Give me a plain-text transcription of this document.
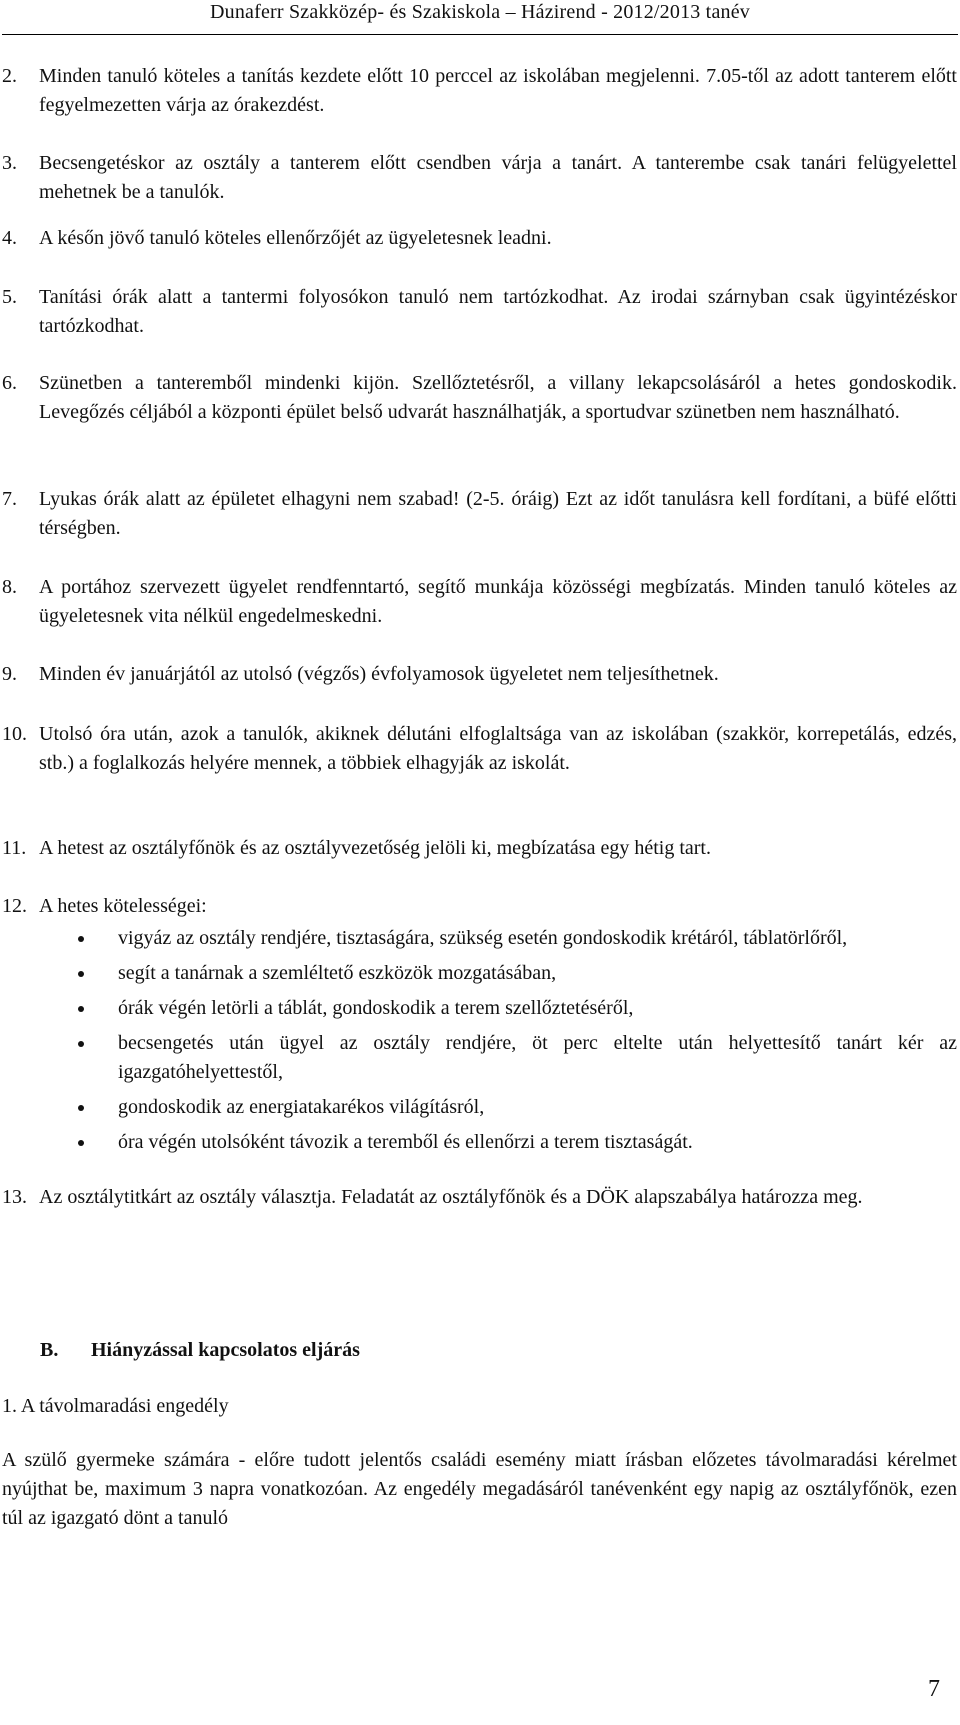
Dunaferr Szakközép- és Szakiskola – Házirend - 2012/2013 tanév
2.	Minden tanuló köteles a tanítás kezdete előtt 10 perccel az iskolában megjelenni. 7.05-től az adott tanterem előtt fegyelmezetten várja az órakezdést.
3.	Becsengetéskor az osztály a tanterem előtt csendben várja a tanárt. A tanterembe csak tanári felügyelettel mehetnek be a tanulók.
4.	A későn jövő tanuló köteles ellenőrzőjét az ügyeletesnek leadni.
5.	Tanítási órák alatt a tantermi folyosókon tanuló nem tartózkodhat. Az irodai szárnyban csak ügyintézéskor tartózkodhat.
6.	Szünetben a tanteremből mindenki kijön. Szellőztetésről, a villany lekapcsolásáról a hetes gondoskodik. Levegőzés céljából a központi épület belső udvarát használhatják, a sportudvar szünetben nem használható.
7.	Lyukas órák alatt az épületet elhagyni nem szabad! (2-5. óráig) Ezt az időt tanulásra kell fordítani, a büfé előtti térségben.
8.	A portához szervezett ügyelet rendfenntartó, segítő munkája közösségi megbízatás. Minden tanuló köteles az ügyeletesnek vita nélkül engedelmeskedni.
9.	Minden év januárjától az utolsó (végzős) évfolyamosok ügyeletet nem teljesíthetnek.
10. Utolsó óra után, azok a tanulók, akiknek délutáni elfoglaltsága van az iskolában (szakkör, korrepetálás, edzés, stb.) a foglalkozás helyére mennek, a többiek elhagyják az iskolát.
11. A hetest az osztályfőnök és az osztályvezetőség jelöli ki, megbízatása egy hétig tart.
12. A hetes kötelességei:
vigyáz az osztály rendjére, tisztaságára, szükség esetén gondoskodik krétáról, táblatörlőről,
segít a tanárnak a szemléltető eszközök mozgatásában,
órák végén letörli a táblát, gondoskodik a terem szellőztetéséről,
becsengetés után ügyel az osztály rendjére, öt perc eltelte után helyettesítő tanárt kér az igazgatóhelyettestől,
gondoskodik az energiatakarékos világításról,
óra végén utolsóként távozik a teremből és ellenőrzi a terem tisztaságát.
13. Az osztálytitkárt az osztály választja. Feladatát az osztályfőnök és a DÖK alapszabálya határozza meg.
B. Hiányzással kapcsolatos eljárás
1. A távolmaradási engedély
A szülő gyermeke számára - előre tudott jelentős családi esemény miatt írásban előzetes távolmaradási kérelmet nyújthat be, maximum 3 napra vonatkozóan. Az engedély megadásáról tanévenként egy napig az osztályfőnök, ezen túl az igazgató dönt a tanuló
7
